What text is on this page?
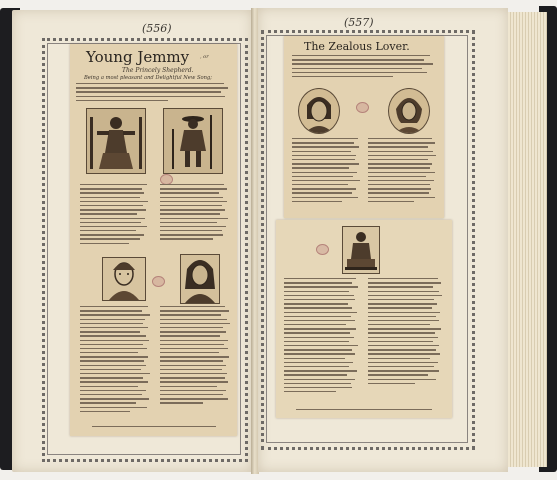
(556)
Young Jemmy , or
The Princely Shepherd.
Being a most pleasant and Delightful New Song;
(557)
The Zealous Lover.
